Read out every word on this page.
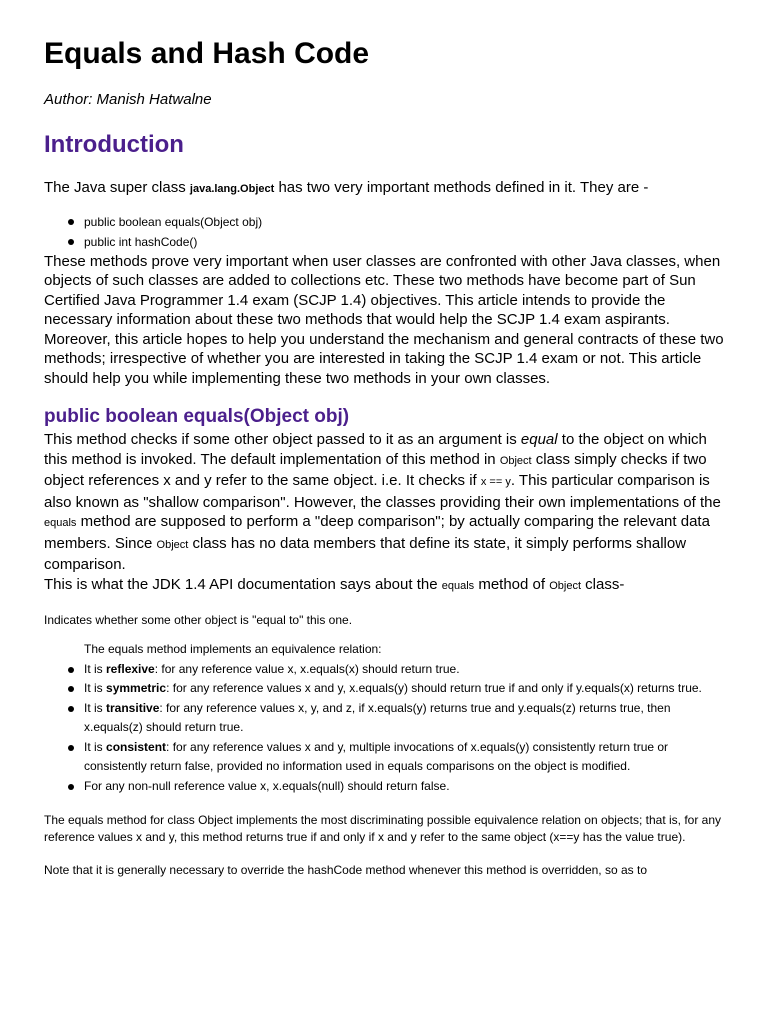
Equals and Hash Code
Author: Manish Hatwalne
Introduction

The Java super class java.lang.Object has two very important methods defined in it. They are -

public boolean equals(Object obj)
public int hashCode()

These methods prove very important when user classes are confronted with other Java classes, when objects of such classes are added to collections etc. These two methods have become part of Sun Certified Java Programmer 1.4 exam (SCJP 1.4) objectives. This article intends to provide the necessary information about these two methods that would help the SCJP 1.4 exam aspirants. Moreover, this article hopes to help you understand the mechanism and general contracts of these two methods; irrespective of whether you are interested in taking the SCJP 1.4 exam or not. This article should help you while implementing these two methods in your own classes.

public boolean equals(Object obj)

This method checks if some other object passed to it as an argument is equal to the object on which this method is invoked. The default implementation of this method in Object class simply checks if two object references x and y refer to the same object. i.e. It checks if x == y. This particular comparison is also known as "shallow comparison". However, the classes providing their own implementations of the equals method are supposed to perform a "deep comparison"; by actually comparing the relevant data members. Since Object class has no data members that define its state, it simply performs shallow comparison.

This is what the JDK 1.4 API documentation says about the equals method of Object class-

Indicates whether some other object is "equal to" this one.
The equals method implements an equivalence relation:
It is reflexive: for any reference value x, x.equals(x) should return true.
It is symmetric: for any reference values x and y, x.equals(y) should return true if and only if y.equals(x) returns true.
It is transitive: for any reference values x, y, and z, if x.equals(y) returns true and y.equals(z) returns true, then x.equals(z) should return true.
It is consistent: for any reference values x and y, multiple invocations of x.equals(y) consistently return true or consistently return false, provided no information used in equals comparisons on the object is modified.
For any non-null reference value x, x.equals(null) should return false.
The equals method for class Object implements the most discriminating possible equivalence relation on objects; that is, for any reference values x and y, this method returns true if and only if x and y refer to the same object (x==y has the value true).
Note that it is generally necessary to override the hashCode method whenever this method is overridden, so as to
